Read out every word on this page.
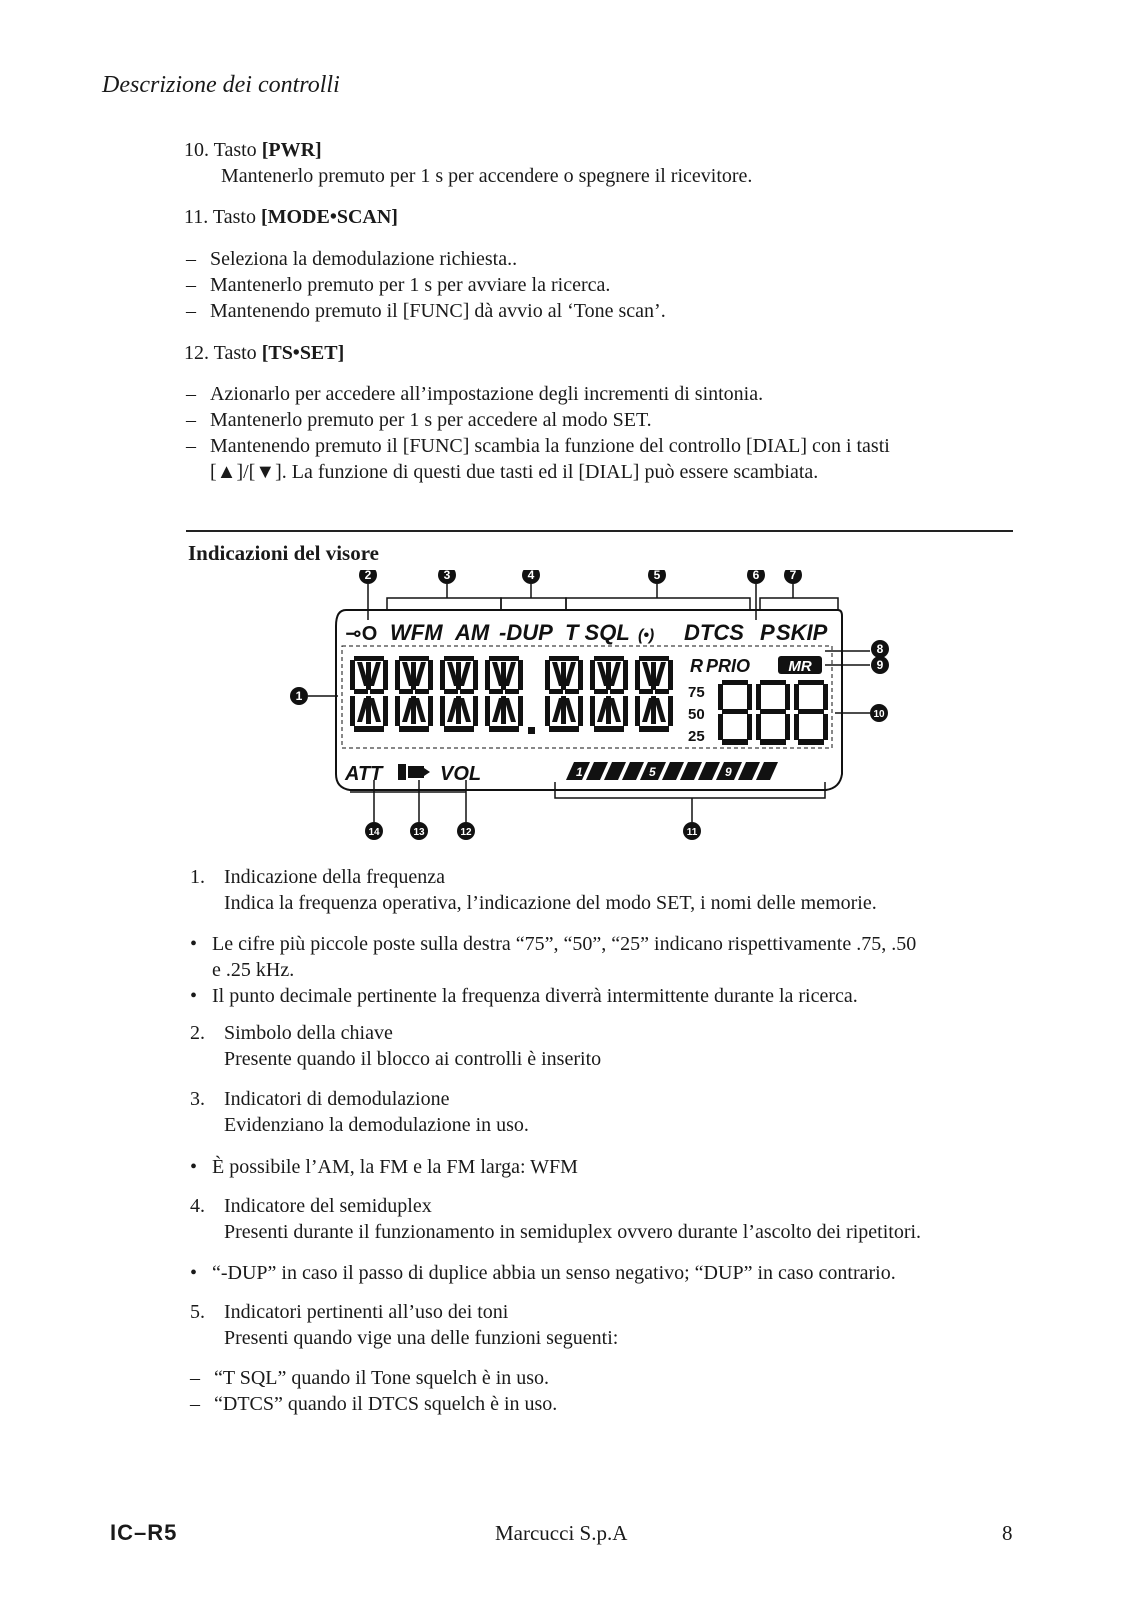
Descrizione dei controlli
10. Tasto [PWR]
Mantenerlo premuto per 1 s per accendere o spegnere il ricevitore.
11. Tasto [MODE•SCAN]
– Seleziona la demodulazione richiesta..
– Mantenerlo premuto per 1 s per avviare la ricerca.
– Mantenendo premuto il [FUNC] dà avvio al ‘Tone scan’.
12. Tasto [TS•SET]
– Azionarlo per accedere all’impostazione degli incrementi di sintonia.
– Mantenerlo premuto per 1 s per accedere al modo SET.
– Mantenendo premuto il [FUNC] scambia la funzione del controllo [DIAL] con i tasti
[▲]/[▼]. La funzione di questi due tasti ed il [DIAL] può essere scambiata.
Indicazioni del visore
2	3	4	5	6	7
8
9
10
1
14	13	12	11
⊸O WFM AM -DUP T SQL (•) DTCS P SKIP
R PRIO	MR
75
50
25
ATT	VOL	1	5	9
1. Indicazione della frequenza
Indica la frequenza operativa, l’indicazione del modo SET, i nomi delle memorie.
• Le cifre più piccole poste sulla destra “75”, “50”, “25” indicano rispettivamente .75, .50
e .25 kHz.
• Il punto decimale pertinente la frequenza diverrà intermittente durante la ricerca.
2. Simbolo della chiave
Presente quando il blocco ai controlli è inserito
3. Indicatori di demodulazione
Evidenziano la demodulazione in uso.
• È possibile l’AM, la FM e la FM larga: WFM
4. Indicatore del semiduplex
Presenti durante il funzionamento in semiduplex ovvero durante l’ascolto dei ripetitori.
• “-DUP” in caso il passo di duplice abbia un senso negativo; “DUP” in caso contrario.
5. Indicatori pertinenti all’uso dei toni
Presenti quando vige una delle funzioni seguenti:
– “T SQL” quando il Tone squelch è in uso.
– “DTCS” quando il DTCS squelch è in uso.
IC–R5	Marcucci S.p.A	8
